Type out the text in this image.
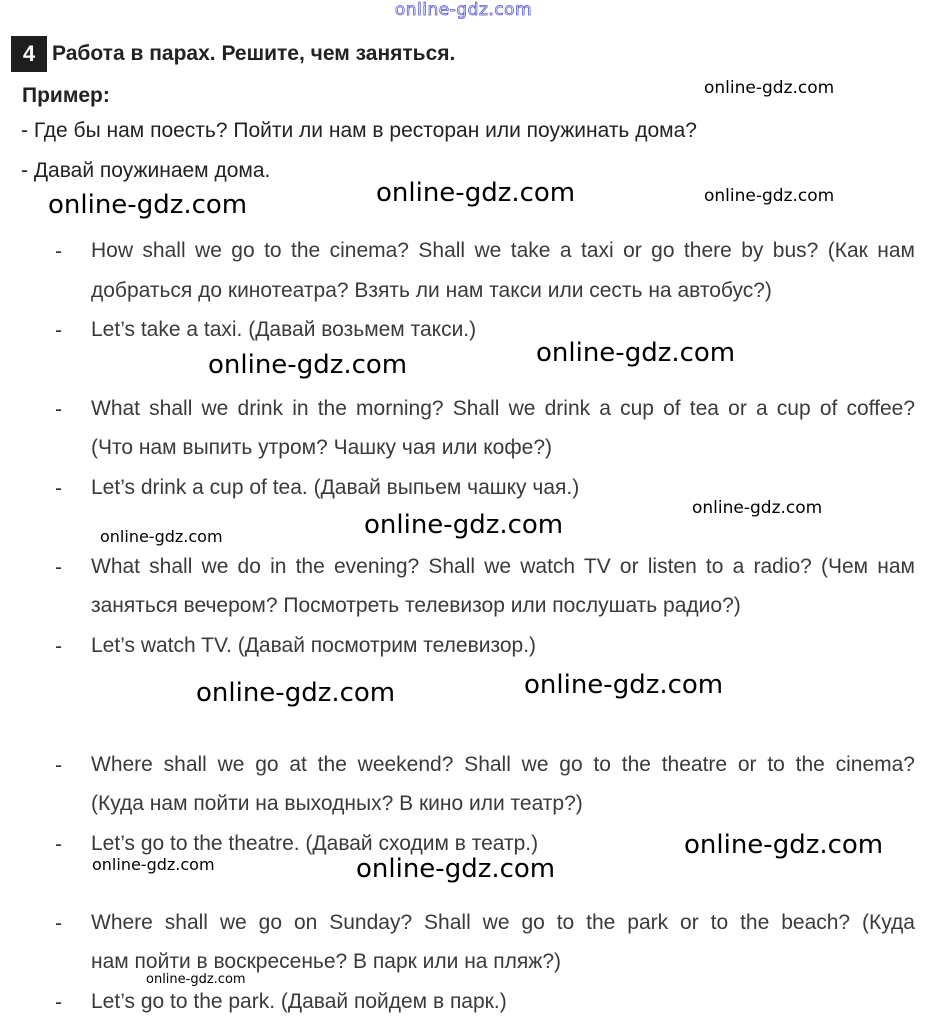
online-gdz.com
online-gdz.com
online-gdz.com
online-gdz.com	online-gdz.com
online-gdz.com
online-gdz.com
online-gdz.com
online-gdz.com
online-gdz.com
online-gdz.com
online-gdz.com
online-gdz.com
online-gdz.com	online-gdz.com
online-gdz.com
4 Работа в парах. Решите, чем заняться.
Пример:
- Где бы нам поесть? Пойти ли нам в ресторан или поужинать дома?
- Давай поужинаем дома.
- How shall we go to the cinema? Shall we take a taxi or go there by bus? (Как нам
добраться до кинотеатра? Взять ли нам такси или сесть на автобус?)
- Let’s take a taxi. (Давай возьмем такси.)
- What shall we drink in the morning? Shall we drink a cup of tea or a cup of coffee?
(Что нам выпить утром? Чашку чая или кофе?)
- Let’s drink a cup of tea. (Давай выпьем чашку чая.)
- What shall we do in the evening? Shall we watch TV or listen to a radio? (Чем нам
заняться вечером? Посмотреть телевизор или послушать радио?)
- Let’s watch TV. (Давай посмотрим телевизор.)
- Where shall we go at the weekend? Shall we go to the theatre or to the cinema?
(Куда нам пойти на выходных? В кино или театр?)
- Let’s go to the theatre. (Давай сходим в театр.)
- Where shall we go on Sunday? Shall we go to the park or to the beach? (Куда
нам пойти в воскресенье? В парк или на пляж?)
- Let’s go to the park. (Давай пойдем в парк.)
